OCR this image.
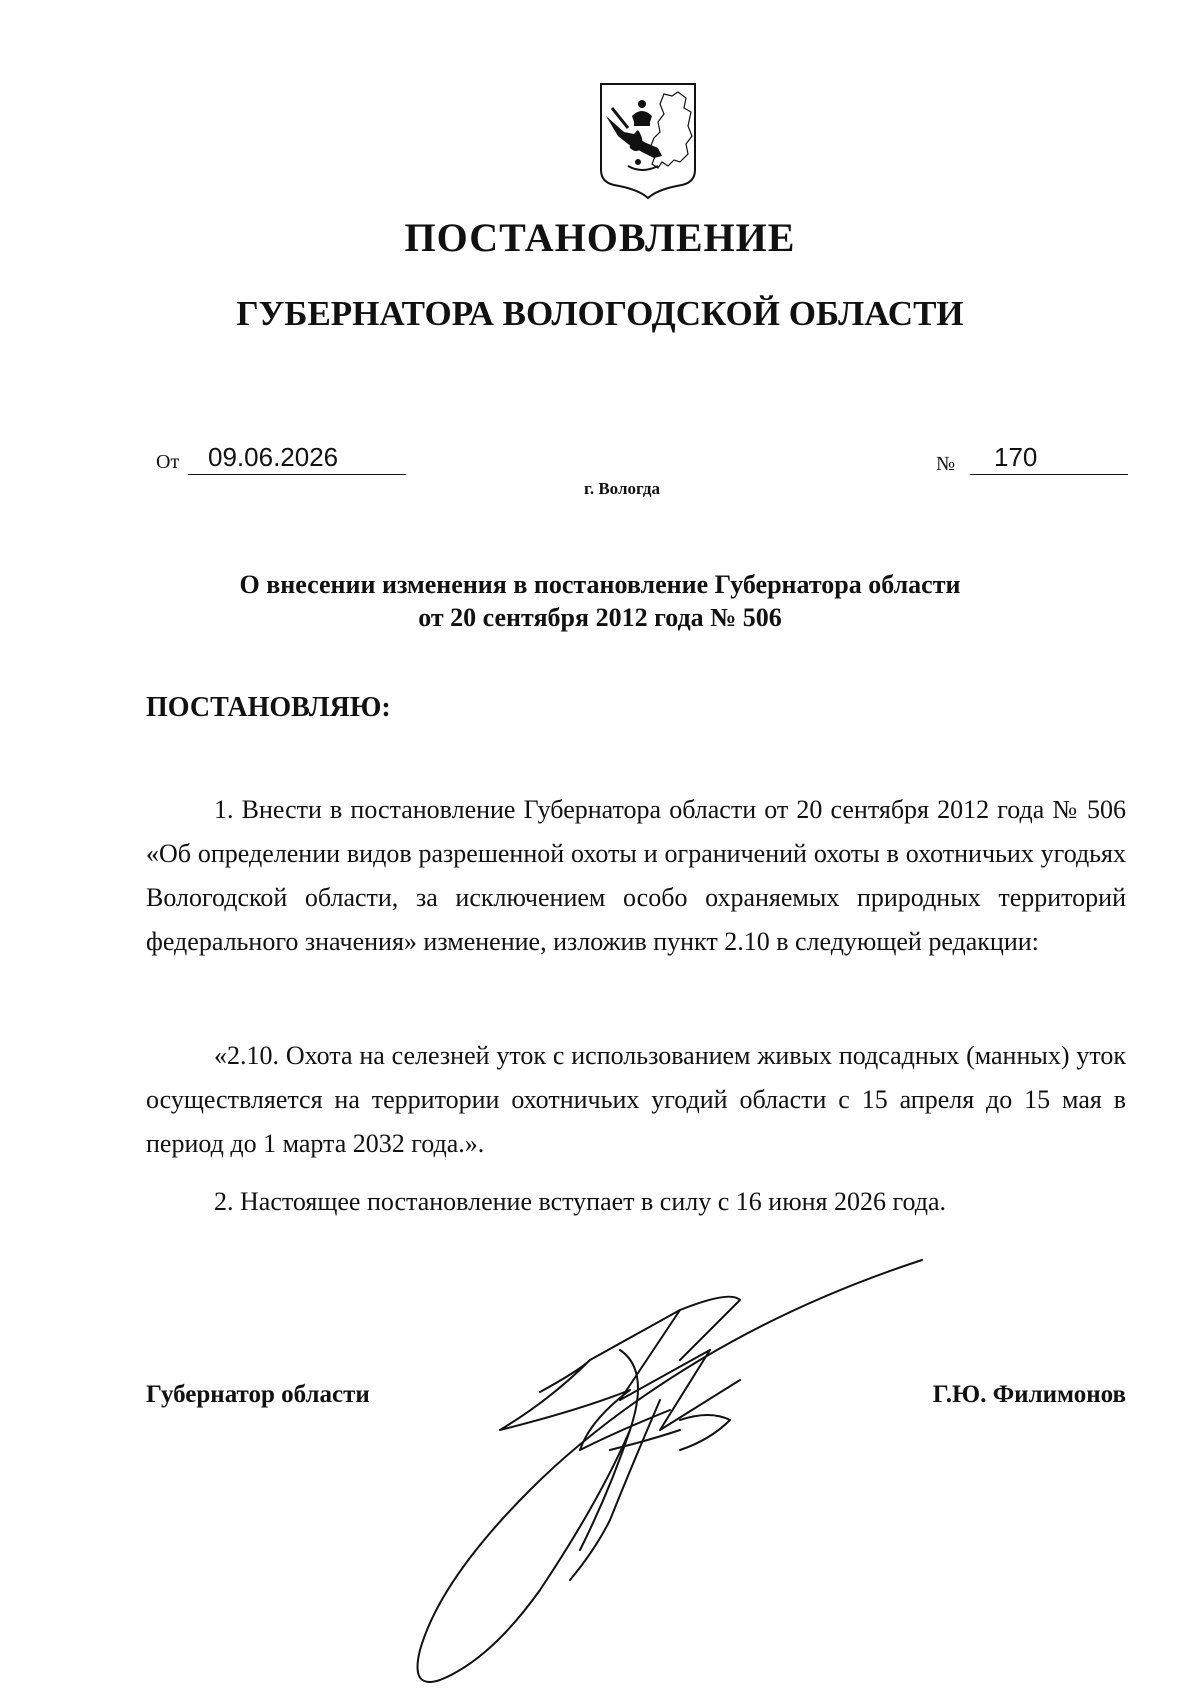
ПОСТАНОВЛЕНИЕ
ГУБЕРНАТОРА ВОЛОГОДСКОЙ ОБЛАСТИ
От	09.06.2026	№	170
г. Вологда
О внесении изменения в постановление Губернатора области
от 20 сентября 2012 года № 506
ПОСТАНОВЛЯЮ:

1. Внести в постановление Губернатора области от 20 сентября 2012 года № 506 «Об определении видов разрешенной охоты и ограничений охоты в охотничьих угодьях Вологодской области, за исключением особо охраняемых природных территорий федерального значения» изменение, изложив пункт 2.10 в следующей редакции:

«2.10. Охота на селезней уток с использованием живых подсадных (манных) уток осуществляется на территории охотничьих угодий области с 15 апреля до 15 мая в период до 1 марта 2032 года.».

2. Настоящее постановление вступает в силу с 16 июня 2026 года.

Губернатор области	Г.Ю. Филимонов
